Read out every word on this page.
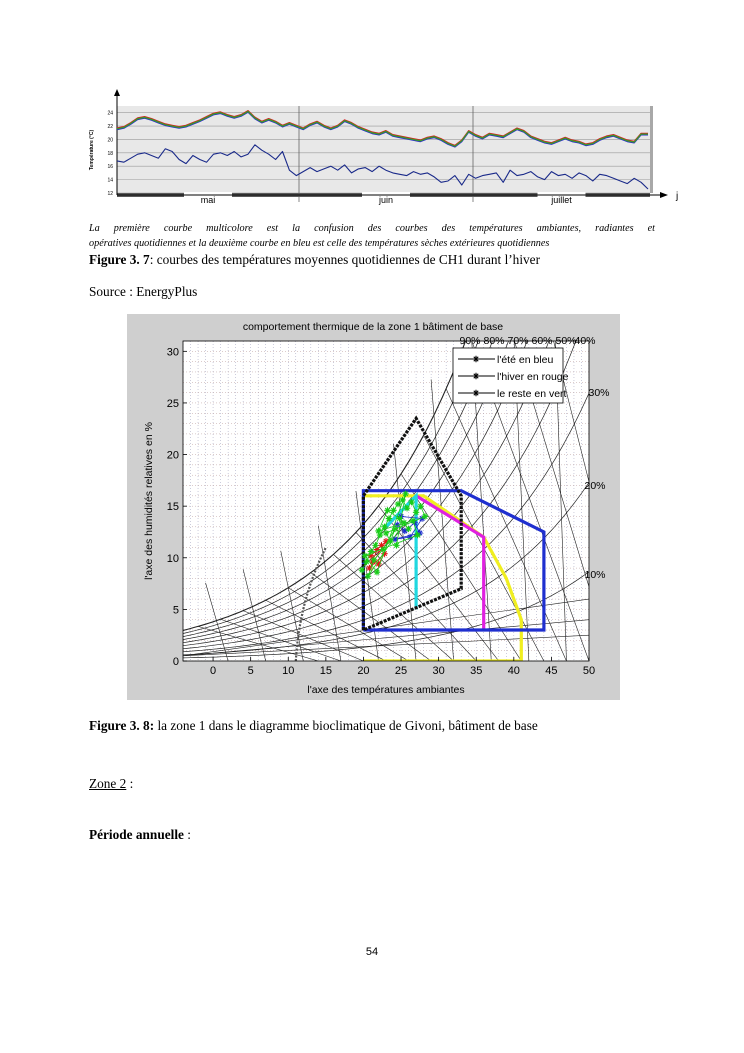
12
14
16
18
20
22
24
mai	juin	juillet	j
Température (°C)
La première courbe multicolore est la confusion des courbes des températures ambiantes, radiantes et
opératives quotidiennes et la deuxième courbe en bleu est celle des températures sèches extérieures quotidiennes
Figure 3. 7: courbes des températures moyennes quotidiennes de CH1 durant l’hiver
Source : EnergyPlus
comportement thermique de la zone 1 bâtiment de base
0	5	10 15 20 25 30 35 40 45 50
0
5
10
15
20
25
30
l'axe des températures ambiantes
l'axe des humidités relatives en %
90% 80% 70% 60% 50%
40%
30%
20%
10%
l'été en bleu
l'hiver en rouge
le reste en vert
Figure 3. 8: la zone 1 dans le diagramme bioclimatique de Givoni, bâtiment de base
Zone 2 :
Période annuelle :
54
